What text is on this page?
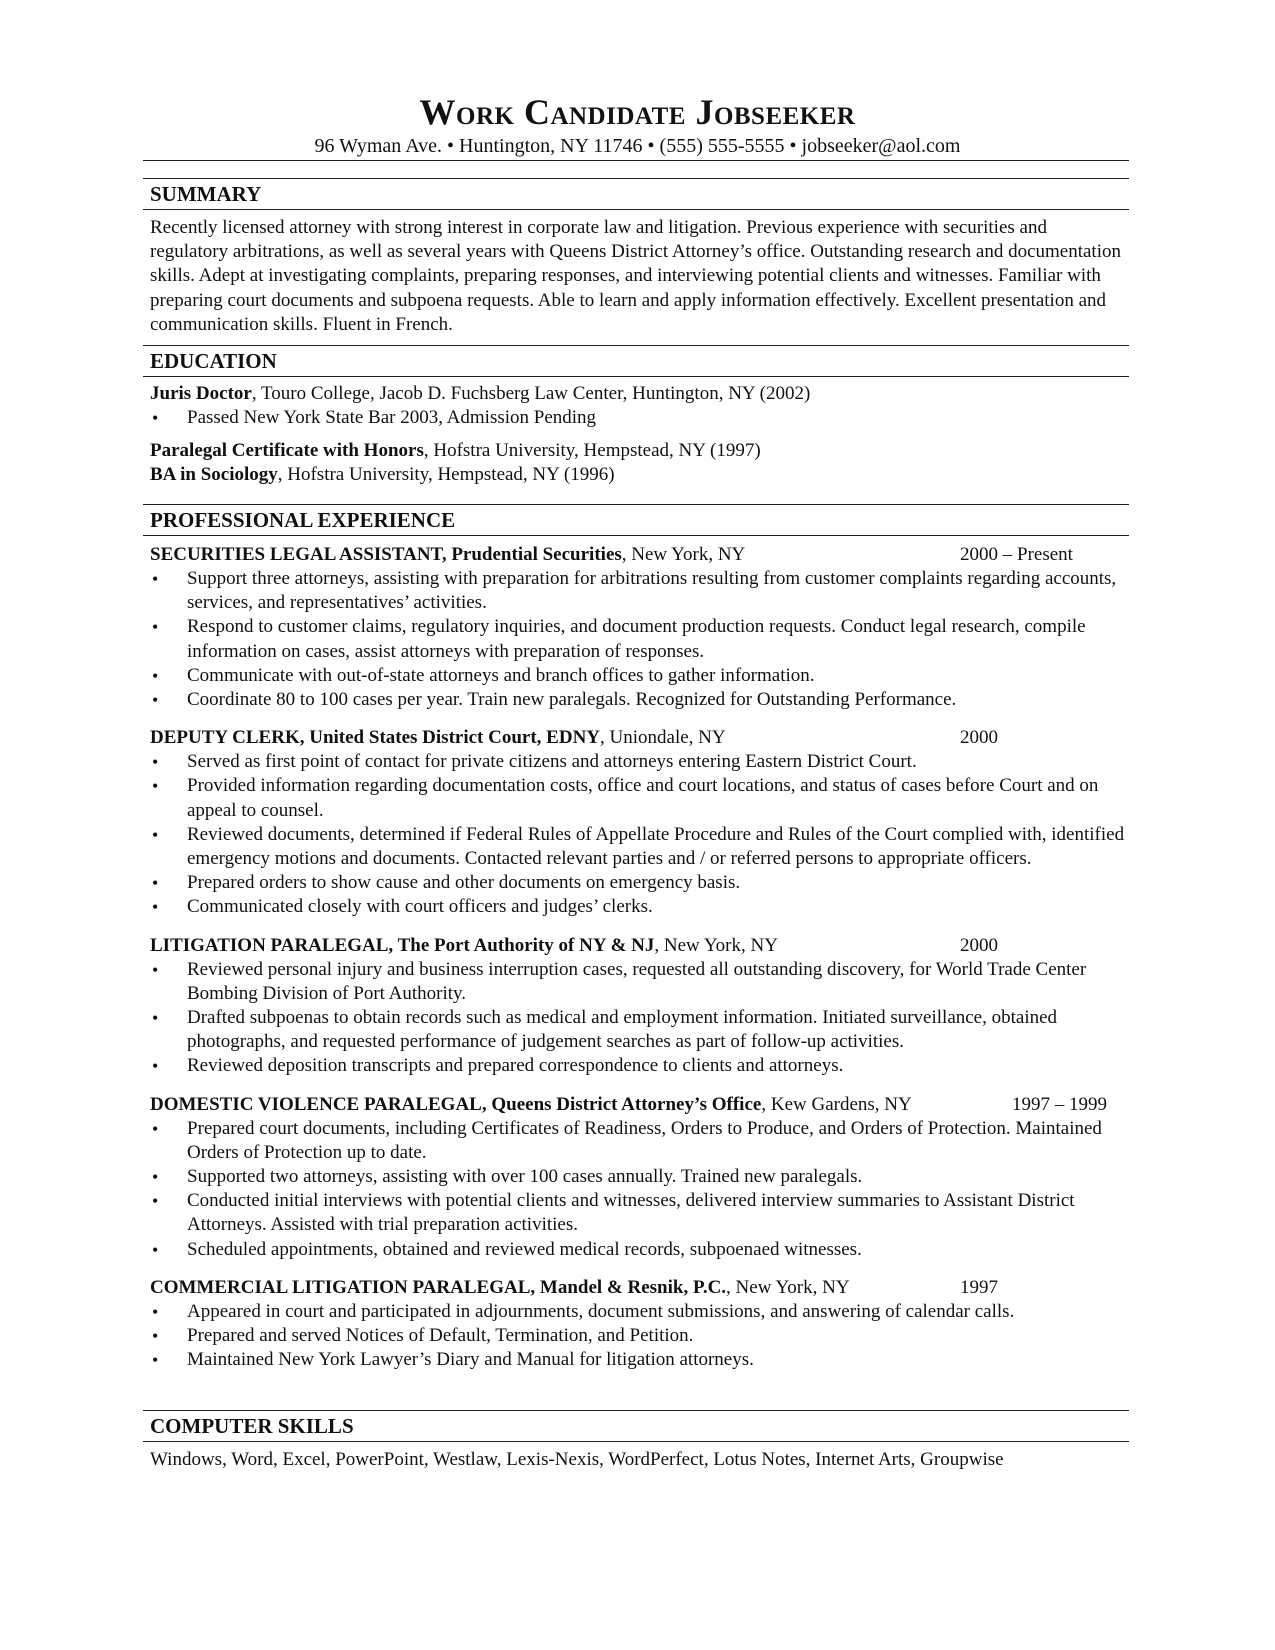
Work Candidate Jobseeker
96 Wyman Ave. • Huntington, NY 11746 • (555) 555-5555 • jobseeker@aol.com
SUMMARY
Recently licensed attorney with strong interest in corporate law and litigation. Previous experience with securities and regulatory arbitrations, as well as several years with Queens District Attorney’s office. Outstanding research and documentation skills. Adept at investigating complaints, preparing responses, and interviewing potential clients and witnesses. Familiar with preparing court documents and subpoena requests. Able to learn and apply information effectively. Excellent presentation and communication skills. Fluent in French.
EDUCATION
Juris Doctor, Touro College, Jacob D. Fuchsberg Law Center, Huntington, NY (2002)
• Passed New York State Bar 2003, Admission Pending
Paralegal Certificate with Honors, Hofstra University, Hempstead, NY (1997)
BA in Sociology, Hofstra University, Hempstead, NY (1996)
PROFESSIONAL EXPERIENCE
SECURITIES LEGAL ASSISTANT, Prudential Securities, New York, NY	2000 – Present
• Support three attorneys, assisting with preparation for arbitrations resulting from customer complaints regarding accounts, services, and representatives’ activities.
• Respond to customer claims, regulatory inquiries, and document production requests. Conduct legal research, compile information on cases, assist attorneys with preparation of responses.
• Communicate with out-of-state attorneys and branch offices to gather information.
• Coordinate 80 to 100 cases per year. Train new paralegals. Recognized for Outstanding Performance.
DEPUTY CLERK, United States District Court, EDNY, Uniondale, NY	2000
• Served as first point of contact for private citizens and attorneys entering Eastern District Court.
• Provided information regarding documentation costs, office and court locations, and status of cases before Court and on appeal to counsel.
• Reviewed documents, determined if Federal Rules of Appellate Procedure and Rules of the Court complied with, identified emergency motions and documents. Contacted relevant parties and / or referred persons to appropriate officers.
• Prepared orders to show cause and other documents on emergency basis.
• Communicated closely with court officers and judges’ clerks.
LITIGATION PARALEGAL, The Port Authority of NY & NJ, New York, NY	2000
• Reviewed personal injury and business interruption cases, requested all outstanding discovery, for World Trade Center Bombing Division of Port Authority.
• Drafted subpoenas to obtain records such as medical and employment information. Initiated surveillance, obtained photographs, and requested performance of judgement searches as part of follow-up activities.
• Reviewed deposition transcripts and prepared correspondence to clients and attorneys.
DOMESTIC VIOLENCE PARALEGAL, Queens District Attorney’s Office, Kew Gardens, NY	1997 – 1999
• Prepared court documents, including Certificates of Readiness, Orders to Produce, and Orders of Protection. Maintained Orders of Protection up to date.
• Supported two attorneys, assisting with over 100 cases annually. Trained new paralegals.
• Conducted initial interviews with potential clients and witnesses, delivered interview summaries to Assistant District Attorneys. Assisted with trial preparation activities.
• Scheduled appointments, obtained and reviewed medical records, subpoenaed witnesses.
COMMERCIAL LITIGATION PARALEGAL, Mandel & Resnik, P.C., New York, NY	1997
• Appeared in court and participated in adjournments, document submissions, and answering of calendar calls.
• Prepared and served Notices of Default, Termination, and Petition.
• Maintained New York Lawyer’s Diary and Manual for litigation attorneys.
COMPUTER SKILLS
Windows, Word, Excel, PowerPoint, Westlaw, Lexis-Nexis, WordPerfect, Lotus Notes, Internet Arts, Groupwise
